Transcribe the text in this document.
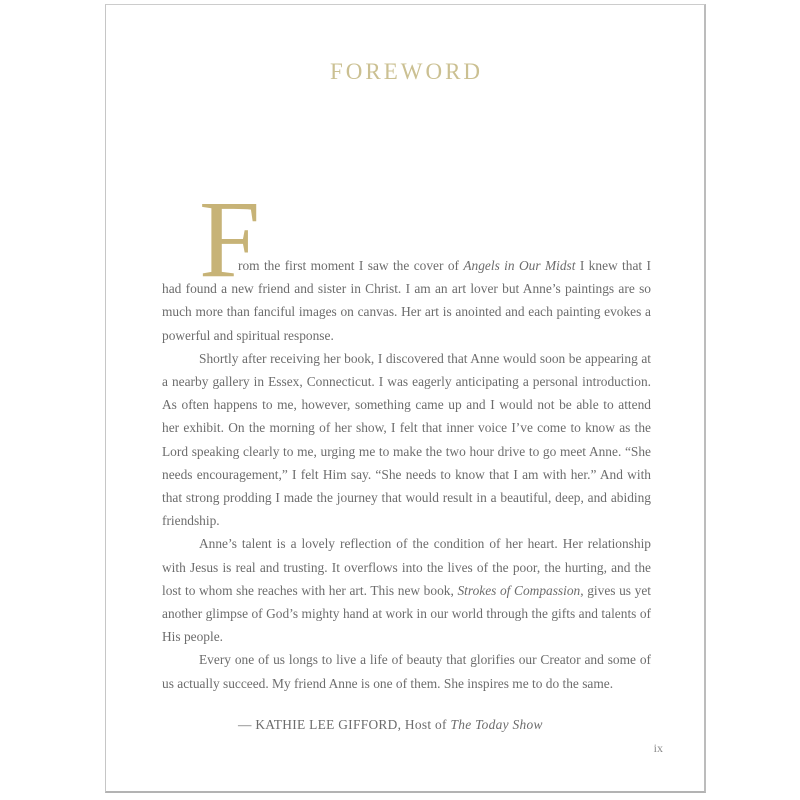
FOREWORD
F

rom the first moment I saw the cover of Angels in Our Midst I knew that I had found a new friend and sister in Christ. I am an art lover but Anne’s paintings are so much more than fanciful images on canvas. Her art is anointed and each painting evokes a powerful and spiritual response.

Shortly after receiving her book, I discovered that Anne would soon be appearing at a nearby gallery in Essex, Connecticut. I was eagerly anticipating a personal introduction. As often happens to me, however, something came up and I would not be able to attend her exhibit. On the morning of her show, I felt that inner voice I’ve come to know as the Lord speaking clearly to me, urging me to make the two hour drive to go meet Anne. “She needs encouragement,” I felt Him say. “She needs to know that I am with her.” And with that strong prodding I made the journey that would result in a beautiful, deep, and abiding friendship.

Anne’s talent is a lovely reflection of the condition of her heart. Her relationship with Jesus is real and trusting. It overflows into the lives of the poor, the hurting, and the lost to whom she reaches with her art. This new book, Strokes of Compassion, gives us yet another glimpse of God’s mighty hand at work in our world through the gifts and talents of His people.

Every one of us longs to live a life of beauty that glorifies our Creator and some of us actually succeed. My friend Anne is one of them. She inspires me to do the same.

— KATHIE LEE GIFFORD, Host of The Today Show

ix
